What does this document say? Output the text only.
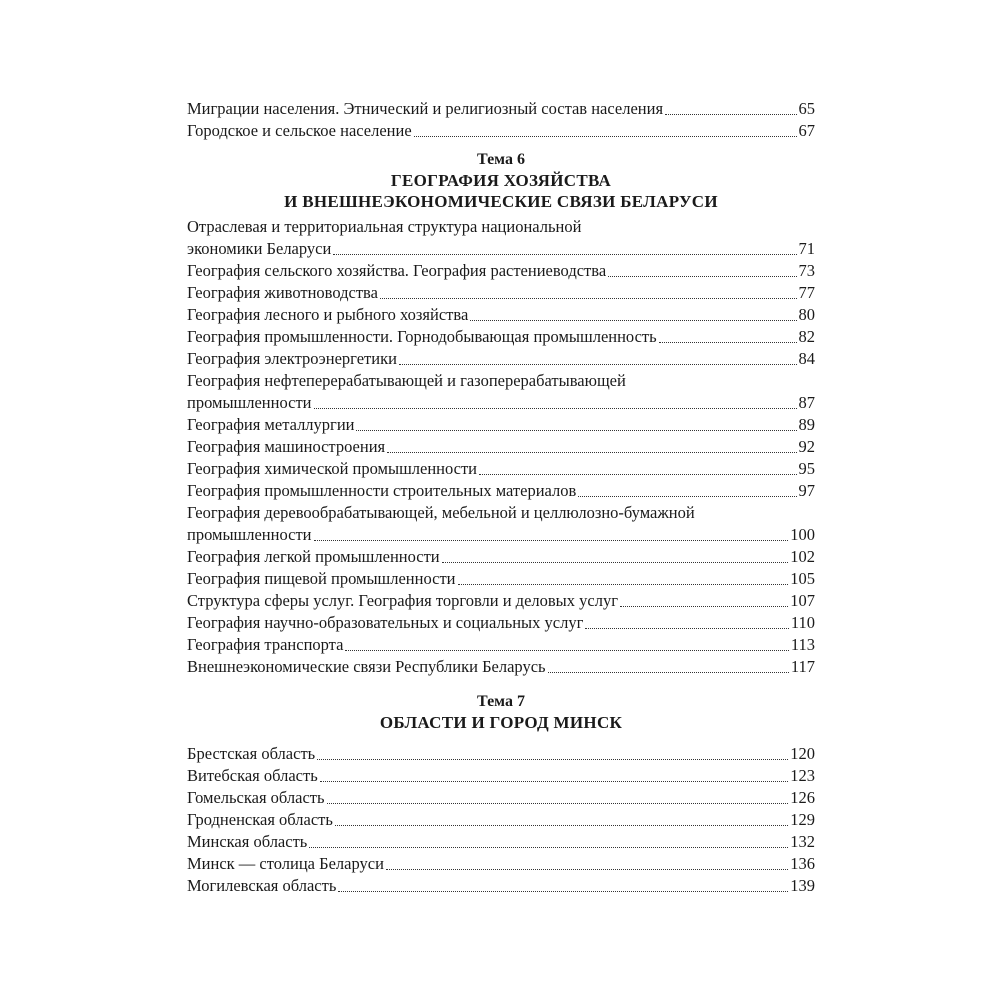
Миграции населения. Этнический и религиозный состав населения	65
Городское и сельское население	67
Тема 6
ГЕОГРАФИЯ ХОЗЯЙСТВА
И ВНЕШНЕЭКОНОМИЧЕСКИЕ СВЯЗИ БЕЛАРУСИ
Отраслевая и территориальная структура национальной
экономики Беларуси	71
География сельского хозяйства. География растениеводства	73
География животноводства	77
География лесного и рыбного хозяйства	80
География промышленности. Горнодобывающая промышленность	82
География электроэнергетики	84
География нефтеперерабатывающей и газоперерабатывающей
промышленности	87
География металлургии	89
География машиностроения	92
География химической промышленности	95
География промышленности строительных материалов	97
География деревообрабатывающей, мебельной и целлюлозно-бумажной
промышленности	100
География легкой промышленности	102
География пищевой промышленности	105
Структура сферы услуг. География торговли и деловых услуг	107
География научно-образовательных и социальных услуг	110
География транспорта	113
Внешнеэкономические связи Республики Беларусь	117
Тема 7
ОБЛАСТИ И ГОРОД МИНСК
Брестская область	120
Витебская область	123
Гомельская область	126
Гродненская область	129
Минская область	132
Минск — столица Беларуси	136
Могилевская область	139
